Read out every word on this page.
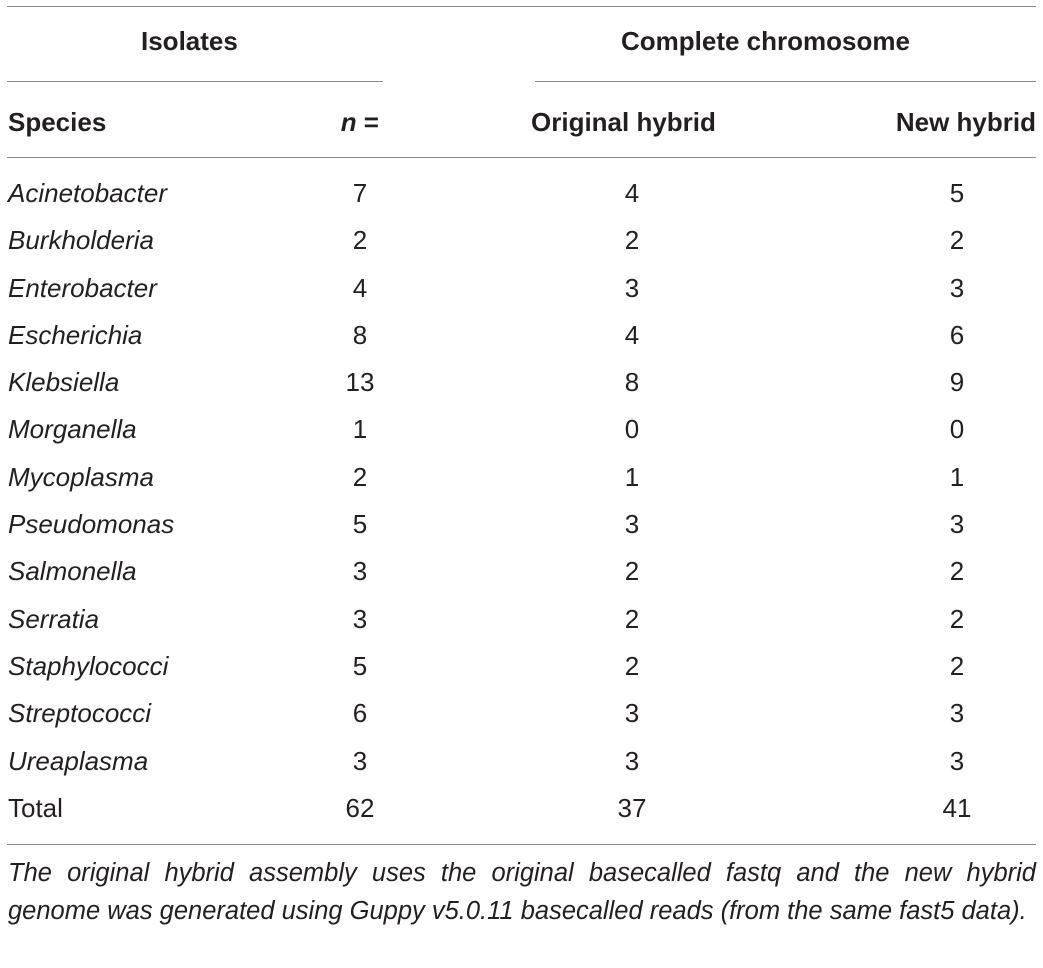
Isolates	Complete chromosome
Species	n =	Original hybrid	New hybrid
Acinetobacter	7	4	5
Burkholderia	2	2	2
Enterobacter	4	3	3
Escherichia	8	4	6
Klebsiella	13	8	9
Morganella	1	0	0
Mycoplasma	2	1	1
Pseudomonas	5	3	3
Salmonella	3	2	2
Serratia	3	2	2
Staphylococci	5	2	2
Streptococci	6	3	3
Ureaplasma	3	3	3
Total	62	37	41
The original hybrid assembly uses the original basecalled fastq and the new hybrid genome was generated using Guppy v5.0.11 basecalled reads (from the same fast5 data).
